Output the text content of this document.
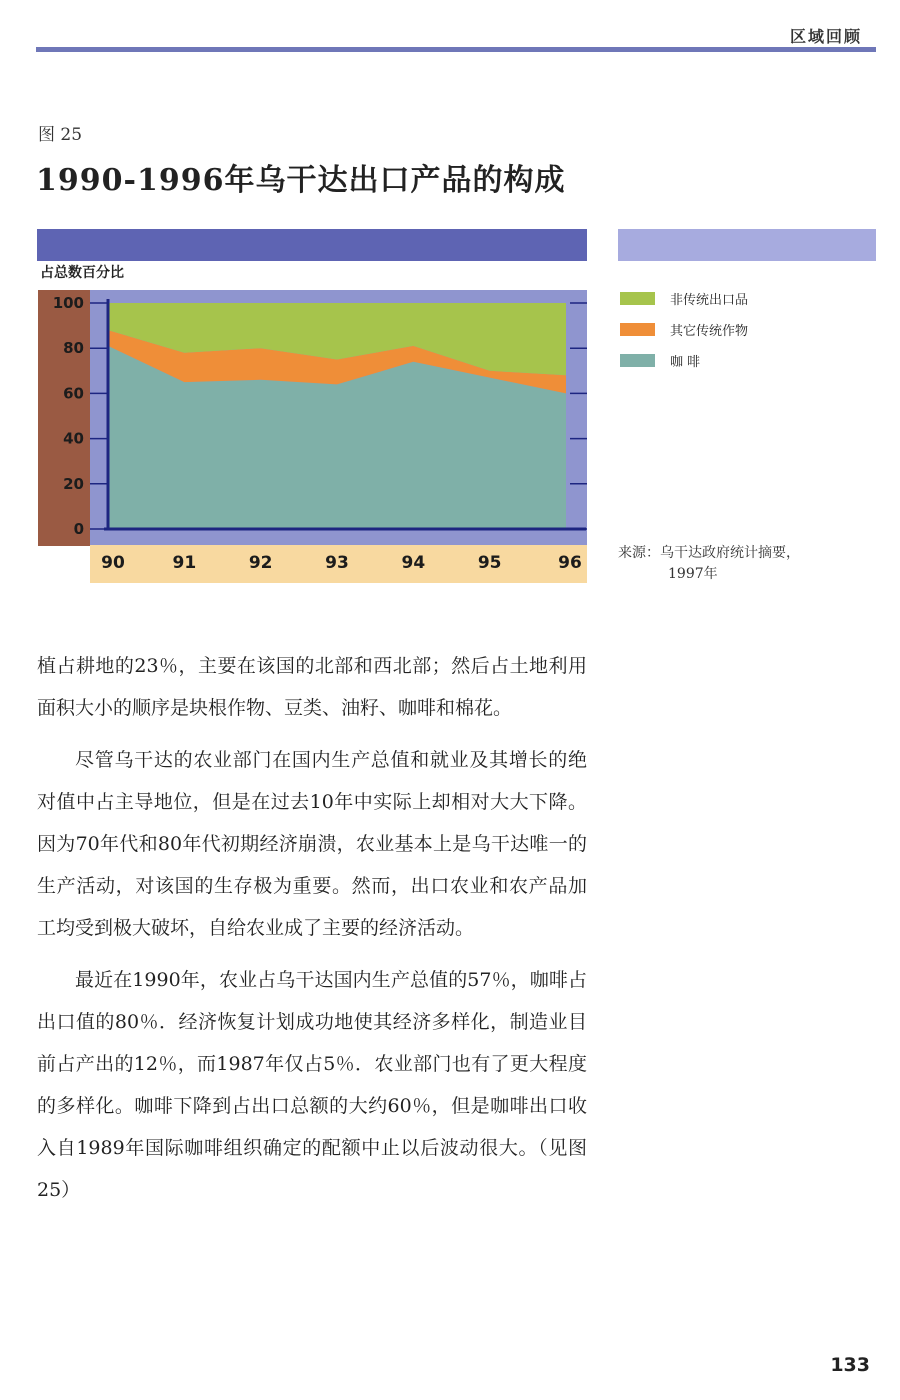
区域回顾
图 25
1990-1996年乌干达出口产品的构成
占总数百分比
0
20
40
60
80
100
90	91	92	93	94	95	96
非传统出口品
其它传统作物
咖 啡
来源：乌干达政府统计摘要，
1997年

植占耕地的23％，主要在该国的北部和西北部；然后占土地利用面积大小的顺序是块根作物、豆类、油籽、咖啡和棉花。

尽管乌干达的农业部门在国内生产总值和就业及其增长的绝对值中占主导地位，但是在过去10年中实际上却相对大大下降。因为70年代和80年代初期经济崩溃，农业基本上是乌干达唯一的生产活动，对该国的生存极为重要。然而，出口农业和农产品加工均受到极大破坏，自给农业成了主要的经济活动。

最近在1990年，农业占乌干达国内生产总值的57％，咖啡占出口值的80％．经济恢复计划成功地使其经济多样化，制造业目前占产出的12％，而1987年仅占5％．农业部门也有了更大程度的多样化。咖啡下降到占出口总额的大约60％，但是咖啡出口收入自1989年国际咖啡组织确定的配额中止以后波动很大。（见图25）

133
